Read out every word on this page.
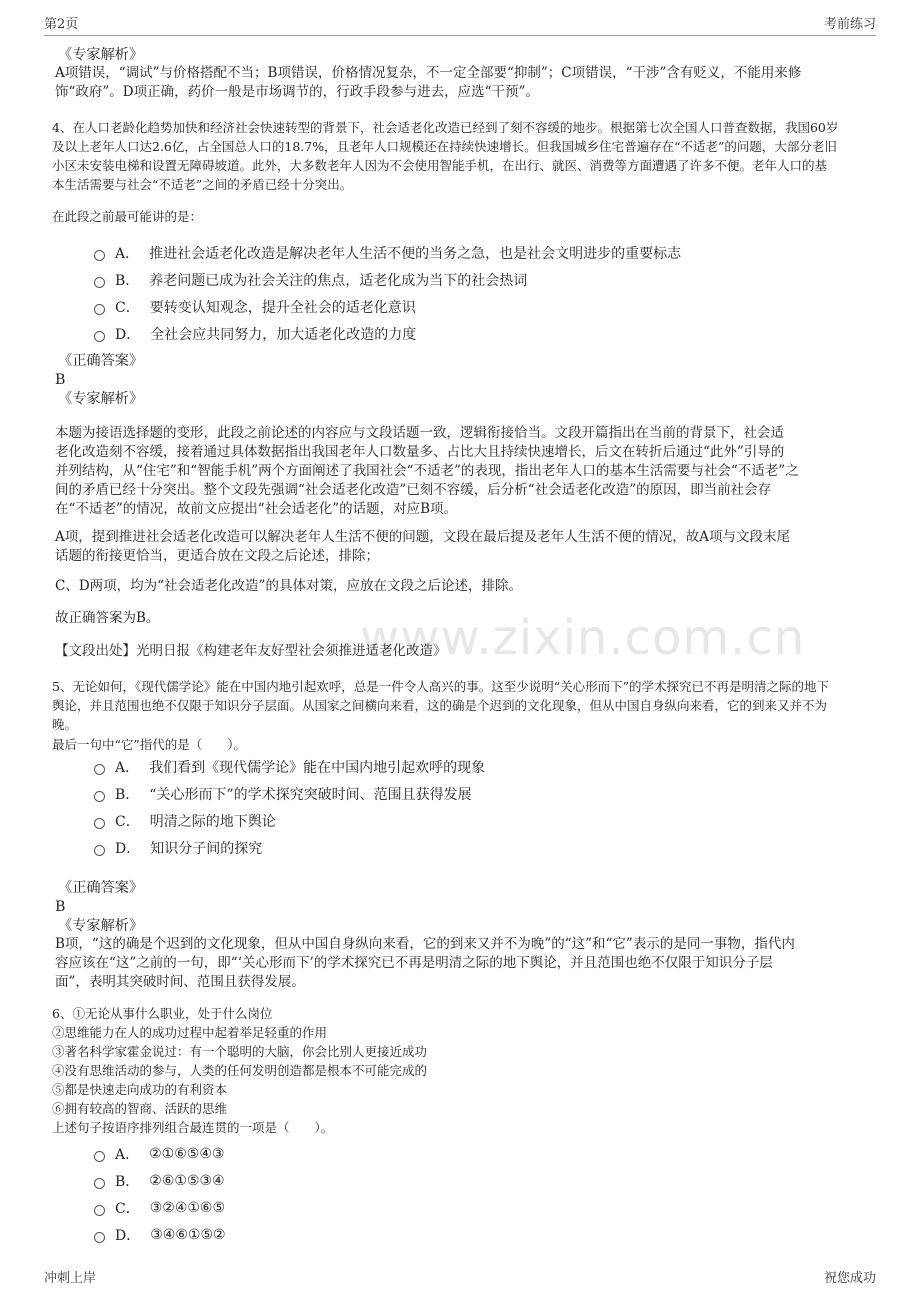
第2页	考前练习
www.zixin.com.cn
《专家解析》
A项错误，“调试”与价格搭配不当；B项错误，价格情况复杂，不一定全部要“抑制”；C项错误，“干涉”含有贬义，不能用来修
饰“政府”。D项正确，药价一般是市场调节的，行政手段参与进去，应选“干预”。
4、在人口老龄化趋势加快和经济社会快速转型的背景下，社会适老化改造已经到了刻不容缓的地步。根据第七次全国人口普查数据，我国60岁
及以上老年人口达2.6亿，占全国总人口的18.7%，且老年人口规模还在持续快速增长。但我国城乡住宅普遍存在“不适老”的问题，大部分老旧
小区未安装电梯和设置无障碍坡道。此外，大多数老年人因为不会使用智能手机，在出行、就医、消费等方面遭遇了许多不便。老年人口的基
本生活需要与社会“不适老”之间的矛盾已经十分突出。
在此段之前最可能讲的是：
A． 推进社会适老化改造是解决老年人生活不便的当务之急，也是社会文明进步的重要标志
B． 养老问题已成为社会关注的焦点，适老化成为当下的社会热词
C． 要转变认知观念，提升全社会的适老化意识
D． 全社会应共同努力，加大适老化改造的力度
《正确答案》
B
《专家解析》
本题为接语选择题的变形，此段之前论述的内容应与文段话题一致，逻辑衔接恰当。文段开篇指出在当前的背景下，社会适
老化改造刻不容缓，接着通过具体数据指出我国老年人口数量多、占比大且持续快速增长，后文在转折后通过“此外”引导的
并列结构，从“住宅”和“智能手机”两个方面阐述了我国社会“不适老”的表现，指出老年人口的基本生活需要与社会“不适老”之
间的矛盾已经十分突出。整个文段先强调“社会适老化改造”已刻不容缓，后分析“社会适老化改造”的原因，即当前社会存
在“不适老”的情况，故前文应提出“社会适老化”的话题，对应B项。
A项，提到推进社会适老化改造可以解决老年人生活不便的问题，文段在最后提及老年人生活不便的情况，故A项与文段末尾
话题的衔接更恰当，更适合放在文段之后论述，排除；
C、D两项，均为“社会适老化改造”的具体对策，应放在文段之后论述，排除。
故正确答案为B。
【文段出处】光明日报《构建老年友好型社会须推进适老化改造》
5、无论如何，《现代儒学论》能在中国内地引起欢呼，总是一件令人高兴的事。这至少说明“关心形而下”的学术探究已不再是明清之际的地下
舆论，并且范围也绝不仅限于知识分子层面。从国家之间横向来看，这的确是个迟到的文化现象，但从中国自身纵向来看，它的到来又并不为
晚。
最后一句中“它”指代的是（　　）。
A． 我们看到《现代儒学论》能在中国内地引起欢呼的现象
B． “关心形而下”的学术探究突破时间、范围且获得发展
C． 明清之际的地下舆论
D． 知识分子间的探究
《正确答案》
B
《专家解析》
B项，“这的确是个迟到的文化现象，但从中国自身纵向来看，它的到来又并不为晚”的“这”和“它”表示的是同一事物，指代内
容应该在“这”之前的一句，即“‘关心形而下’的学术探究已不再是明清之际的地下舆论，并且范围也绝不仅限于知识分子层
面”，表明其突破时间、范围且获得发展。
6、①无论从事什么职业，处于什么岗位
②思维能力在人的成功过程中起着举足轻重的作用
③著名科学家霍金说过：有一个聪明的大脑，你会比别人更接近成功
④没有思维活动的参与，人类的任何发明创造都是根本不可能完成的
⑤都是快速走向成功的有利资本
⑥拥有较高的智商、活跃的思维
上述句子按语序排列组合最连贯的一项是（　　）。
A． ②①⑥⑤④③
B． ②⑥①⑤③④
C． ③②④①⑥⑤
D． ③④⑥①⑤②
冲刺上岸	祝您成功
